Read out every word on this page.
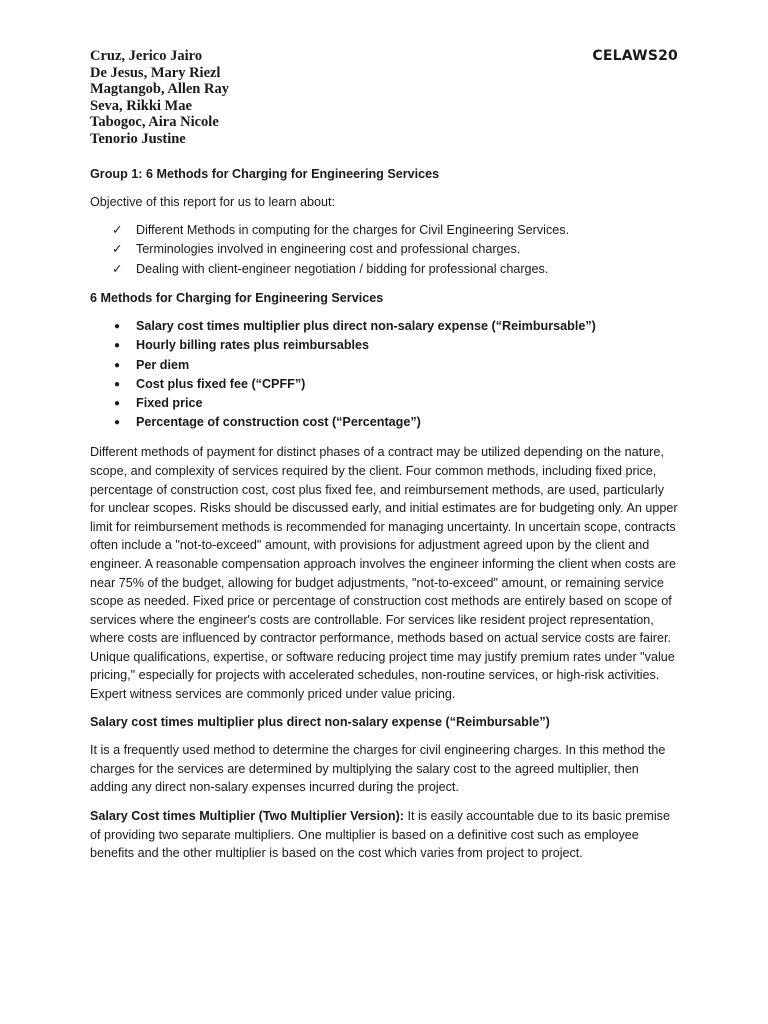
CELAWS20
Cruz, Jerico Jairo
De Jesus, Mary Riezl
Magtangob, Allen Ray
Seva, Rikki Mae
Tabogoc, Aira Nicole
Tenorio Justine

Group 1: 6 Methods for Charging for Engineering Services

Objective of this report for us to learn about:

✓ Different Methods in computing for the charges for Civil Engineering Services.
✓ Terminologies involved in engineering cost and professional charges.
✓ Dealing with client-engineer negotiation / bidding for professional charges.

6 Methods for Charging for Engineering Services

● Salary cost times multiplier plus direct non-salary expense (“Reimbursable”)
● Hourly billing rates plus reimbursables
● Per diem
● Cost plus fixed fee (“CPFF”)
● Fixed price
● Percentage of construction cost (“Percentage”)

Different methods of payment for distinct phases of a contract may be utilized depending on the nature, scope, and complexity of services required by the client. Four common methods, including fixed price, percentage of construction cost, cost plus fixed fee, and reimbursement methods, are used, particularly for unclear scopes. Risks should be discussed early, and initial estimates are for budgeting only. An upper limit for reimbursement methods is recommended for managing uncertainty. In uncertain scope, contracts often include a "not-to-exceed" amount, with provisions for adjustment agreed upon by the client and engineer. A reasonable compensation approach involves the engineer informing the client when costs are near 75% of the budget, allowing for budget adjustments, "not-to-exceed" amount, or remaining service scope as needed. Fixed price or percentage of construction cost methods are entirely based on scope of services where the engineer's costs are controllable. For services like resident project representation, where costs are influenced by contractor performance, methods based on actual service costs are fairer. Unique qualifications, expertise, or software reducing project time may justify premium rates under "value pricing," especially for projects with accelerated schedules, non-routine services, or high-risk activities. Expert witness services are commonly priced under value pricing.

Salary cost times multiplier plus direct non-salary expense (“Reimbursable”)

It is a frequently used method to determine the charges for civil engineering charges. In this method the charges for the services are determined by multiplying the salary cost to the agreed multiplier, then adding any direct non-salary expenses incurred during the project.

Salary Cost times Multiplier (Two Multiplier Version): It is easily accountable due to its basic premise of providing two separate multipliers. One multiplier is based on a definitive cost such as employee benefits and the other multiplier is based on the cost which varies from project to project.
